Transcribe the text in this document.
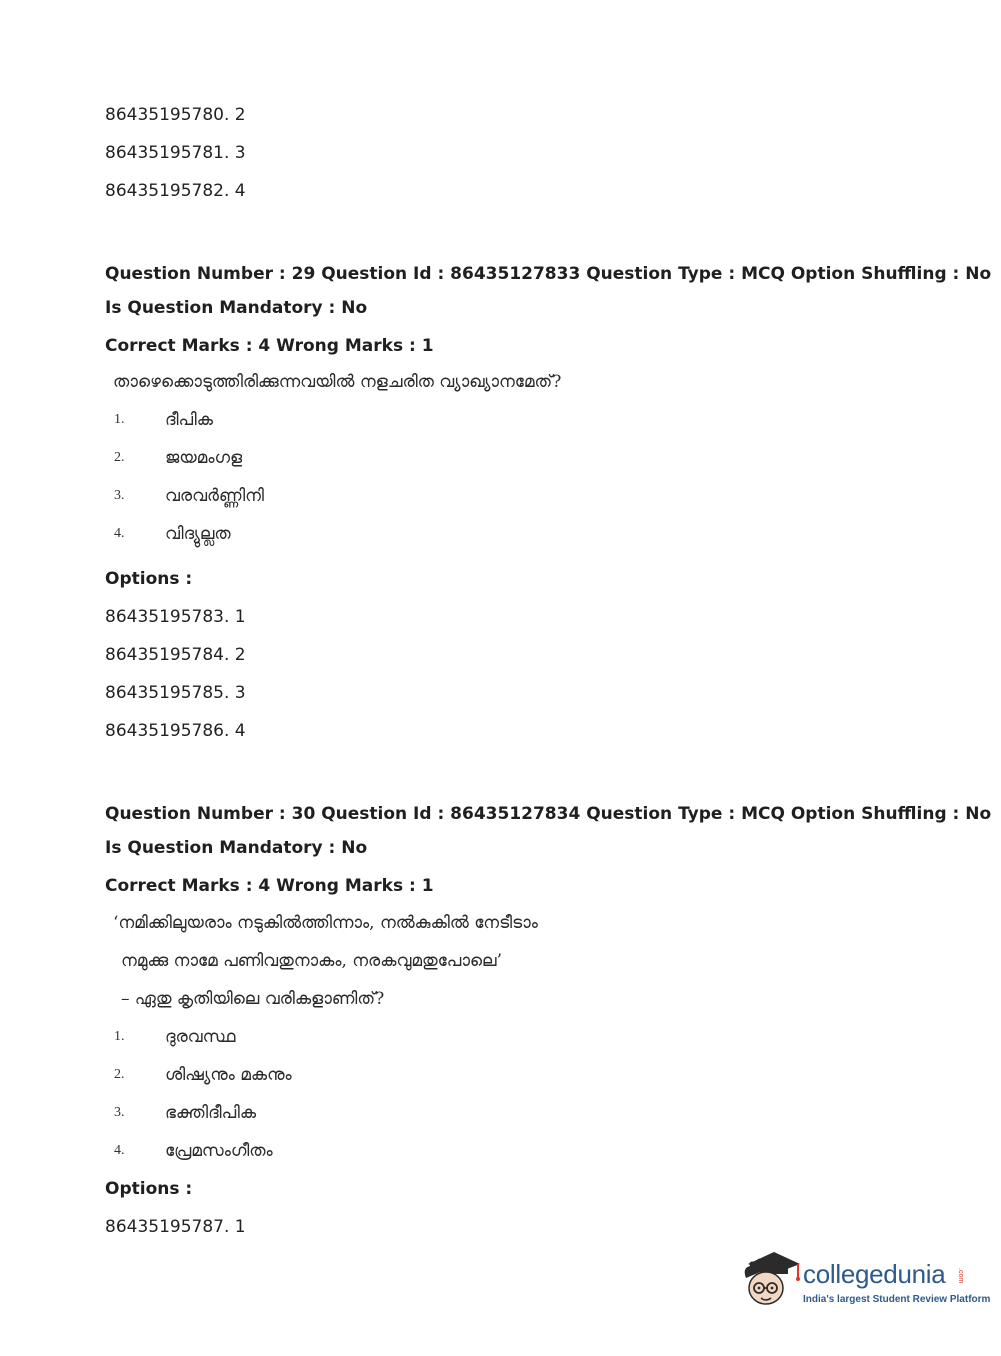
86435195780. 2
86435195781. 3
86435195782. 4
Question Number : 29 Question Id : 86435127833 Question Type : MCQ Option Shuffling : No
Is Question Mandatory : No
Correct Marks : 4 Wrong Marks : 1
താഴെക്കൊടുത്തിരിക്കുന്നവയിൽ നളചരിത വ്യാഖ്യാനമേത്?
1. ദീപിക
2. ജയമംഗള
3. വരവർണ്ണിനി
4. വിദ്യുല്ലത
Options :
86435195783. 1
86435195784. 2
86435195785. 3
86435195786. 4
Question Number : 30 Question Id : 86435127834 Question Type : MCQ Option Shuffling : No
Is Question Mandatory : No
Correct Marks : 4 Wrong Marks : 1
‘നമിക്കിലുയരാം നടുകിൽത്തിന്നാം, നൽകുകിൽ നേടീടാം
നമുക്കു നാമേ പണിവതുനാകം, നരകവുമതുപോലെ’
– ഏതു കൃതിയിലെ വരികളാണിത്?
1. ദുരവസ്ഥ
2. ശിഷ്യനും മകനും
3. ഭക്തിദീപിക
4. പ്രേമസംഗീതം
Options :
86435195787. 1
collegedunia .com
India's largest Student Review Platform
